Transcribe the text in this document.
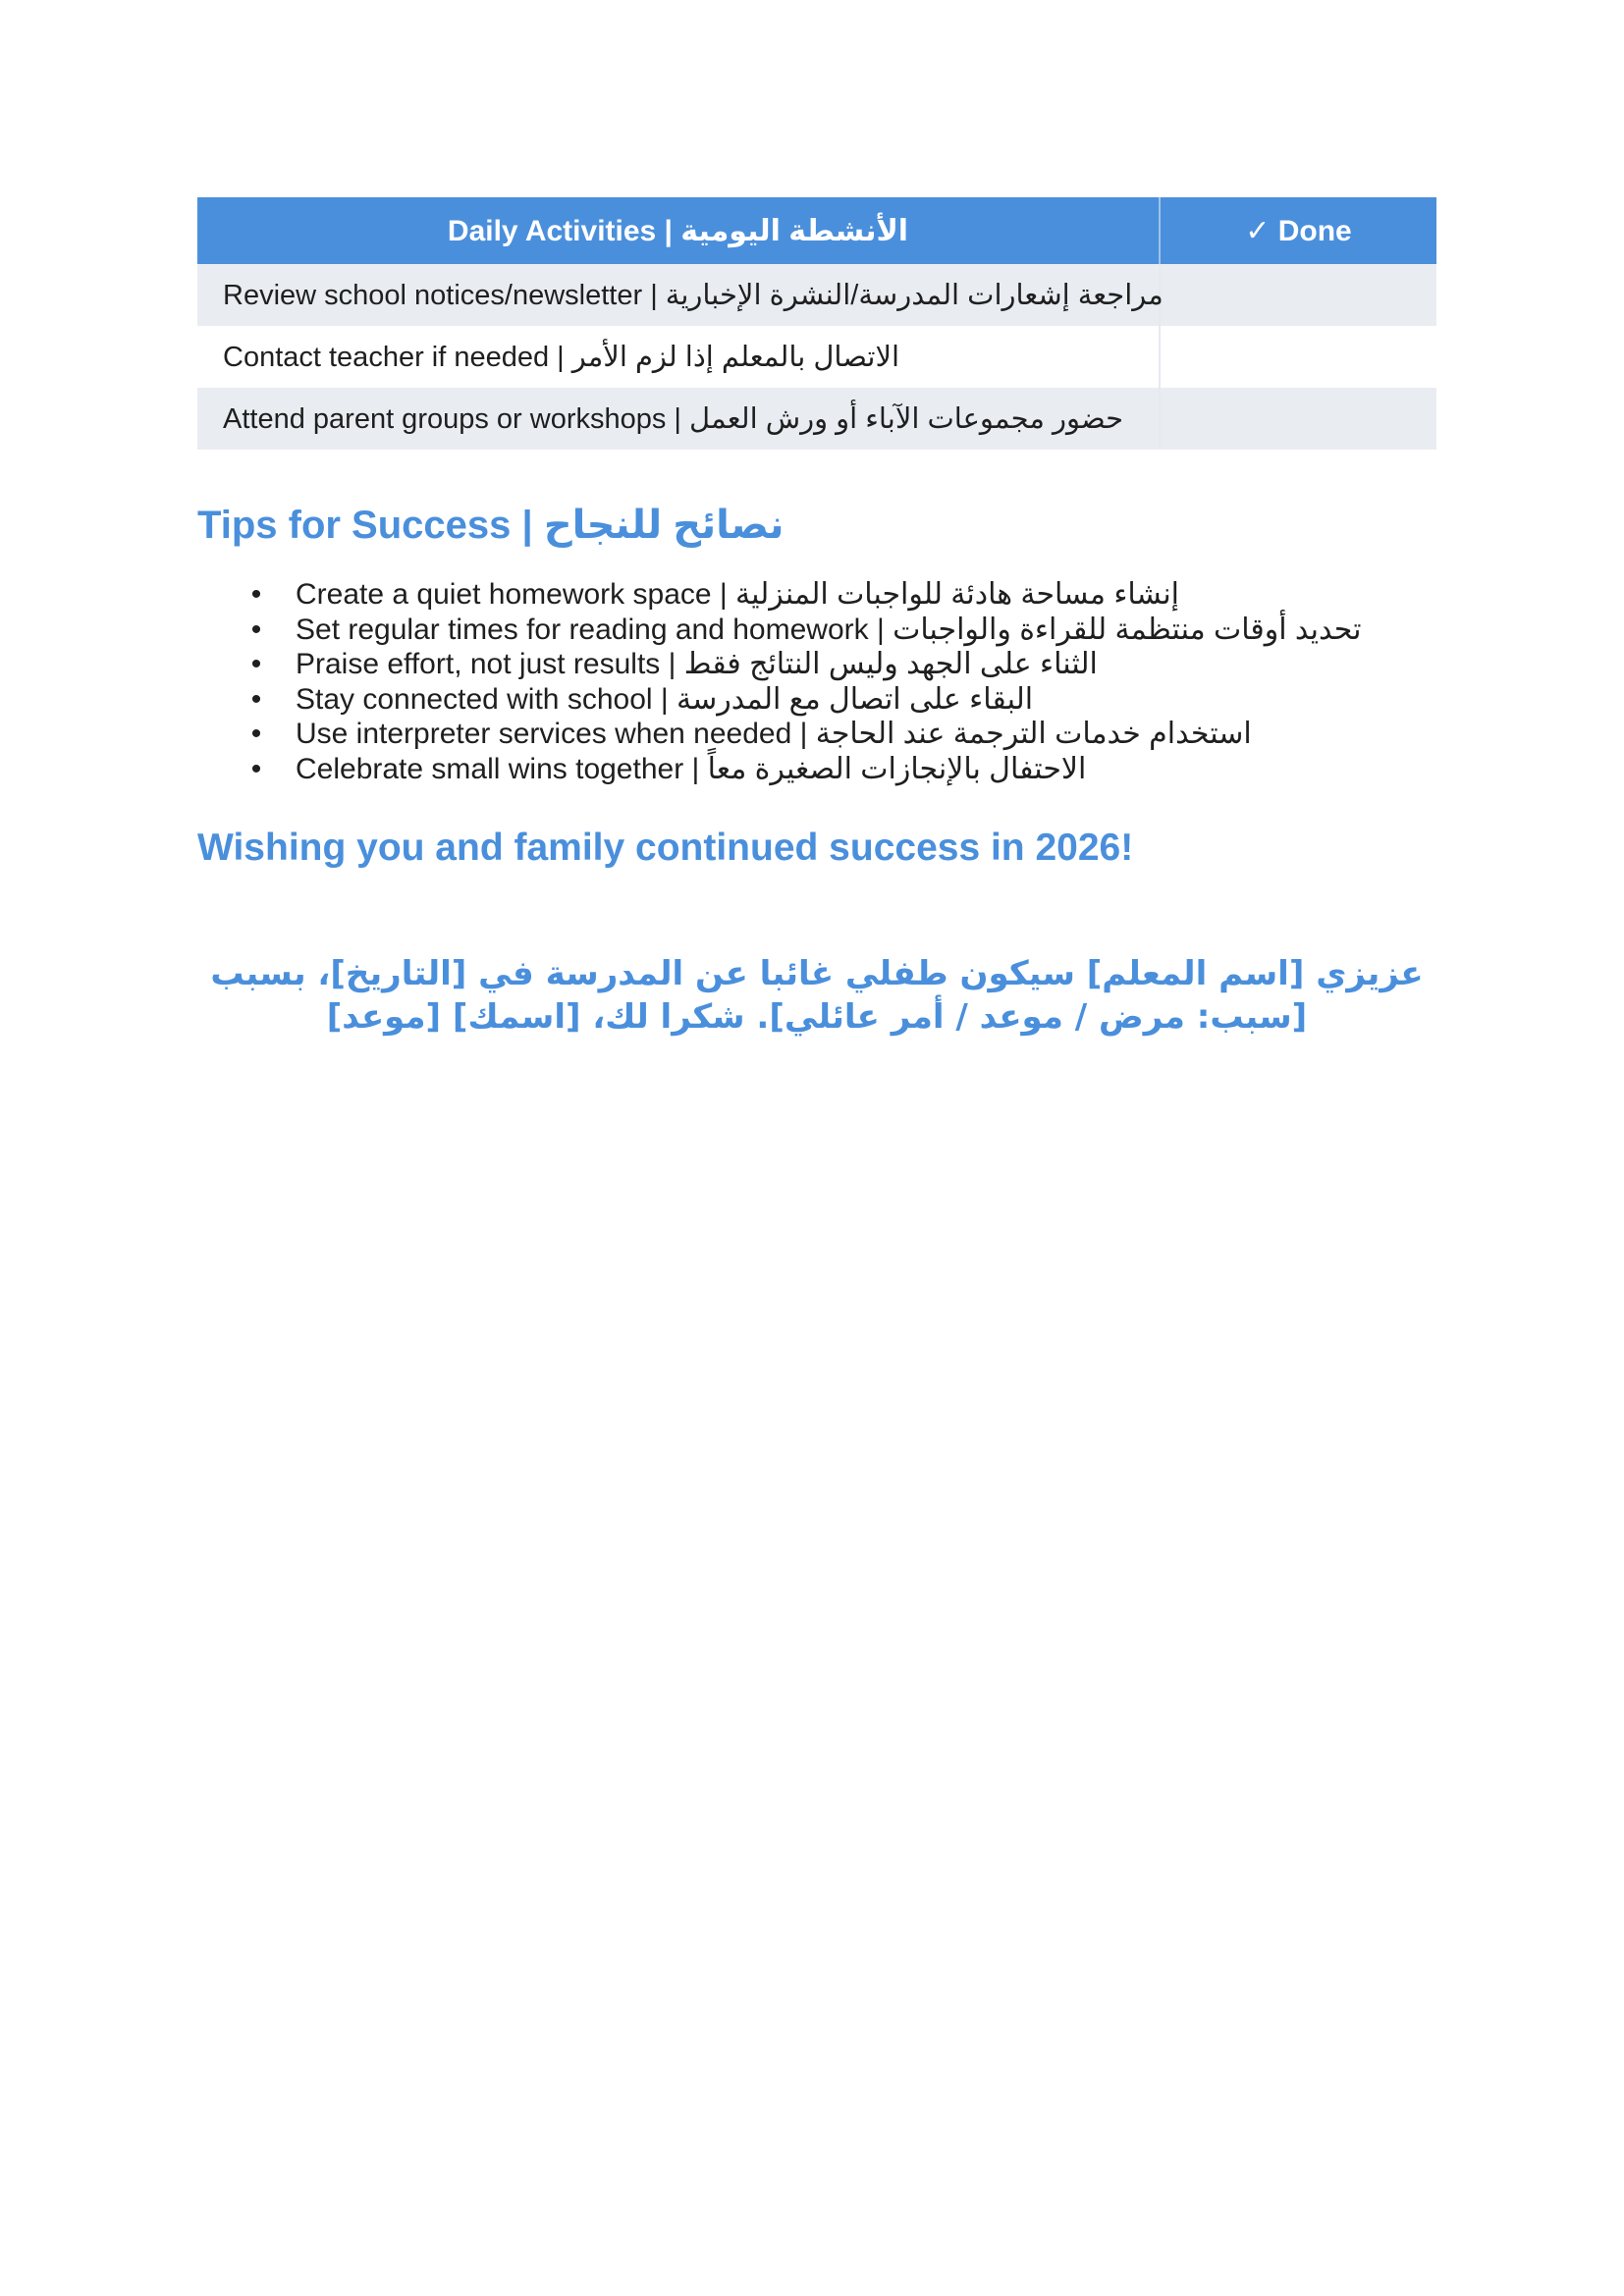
Daily Activities | الأنشطة اليومية	✓ Done
Review school notices/newsletter | مراجعة إشعارات المدرسة/النشرة الإخبارية	
Contact teacher if needed | الاتصال بالمعلم إذا لزم الأمر	
Attend parent groups or workshops | حضور مجموعات الآباء أو ورش العمل	
Tips for Success | نصائح للنجاح
• Create a quiet homework space | إنشاء مساحة هادئة للواجبات المنزلية
• Set regular times for reading and homework | تحديد أوقات منتظمة للقراءة والواجبات
• Praise effort, not just results | الثناء على الجهد وليس النتائج فقط
• Stay connected with school | البقاء على اتصال مع المدرسة
• Use interpreter services when needed | استخدام خدمات الترجمة عند الحاجة
• Celebrate small wins together | الاحتفال بالإنجازات الصغيرة معاً

Wishing you and family continued success in 2026!

عزيزي [اسم المعلم] سيكون طفلي غائبا عن المدرسة في [التاريخ]، بسبب [سبب: مرض / موعد / أمر عائلي]. شكرا لك، [اسمك] [موعد]
